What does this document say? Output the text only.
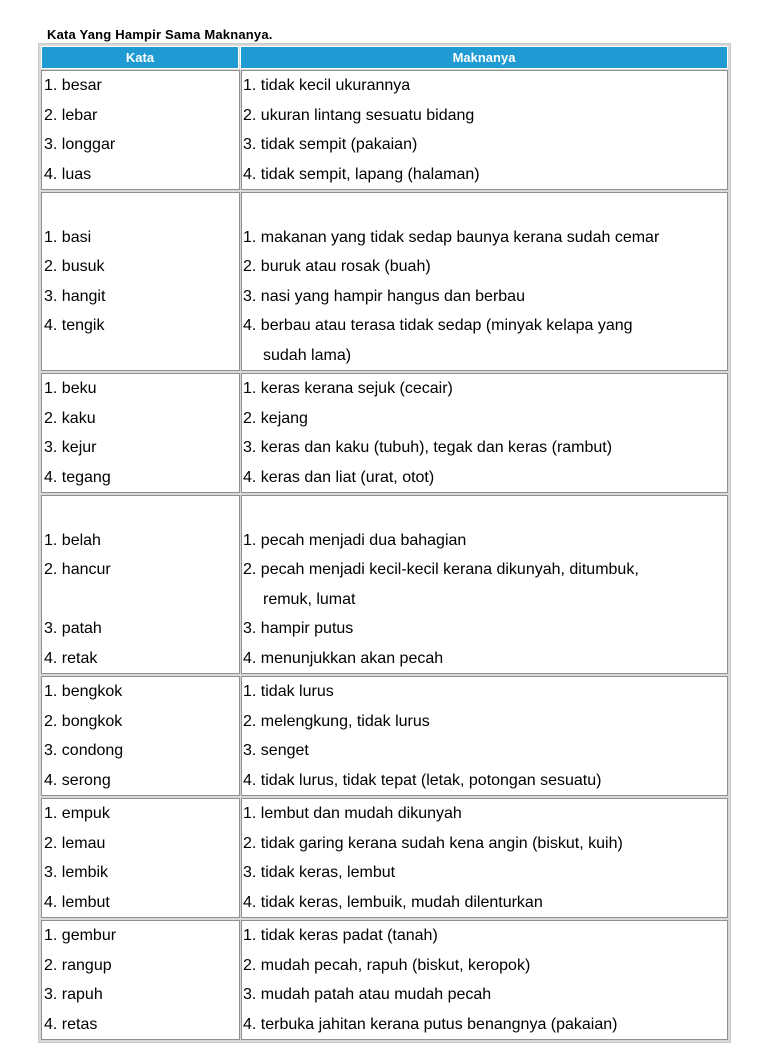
Kata Yang Hampir Sama Maknanya.
Kata	Maknanya
1. besar
2. lebar
3. longgar
4. luas
1. tidak kecil ukurannya
2. ukuran lintang sesuatu bidang
3. tidak sempit (pakaian)
4. tidak sempit, lapang (halaman)
1. basi
2. busuk
3. hangit
4. tengik
1. makanan yang tidak sedap baunya kerana sudah cemar
2. buruk atau rosak (buah)
3. nasi yang hampir hangus dan berbau
4. berbau atau terasa tidak sedap (minyak kelapa yang
sudah lama)
1. beku
2. kaku
3. kejur
4. tegang
1. keras kerana sejuk (cecair)
2. kejang
3. keras dan kaku (tubuh), tegak dan keras (rambut)
4. keras dan liat (urat, otot)
1. belah
2. hancur
3. patah
4. retak
1. pecah menjadi dua bahagian
2. pecah menjadi kecil-kecil kerana dikunyah, ditumbuk,
remuk, lumat
3. hampir putus
4. menunjukkan akan pecah
1. bengkok
2. bongkok
3. condong
4. serong
1. tidak lurus
2. melengkung, tidak lurus
3. senget
4. tidak lurus, tidak tepat (letak, potongan sesuatu)
1. empuk
2. lemau
3. lembik
4. lembut
1. lembut dan mudah dikunyah
2. tidak garing kerana sudah kena angin (biskut, kuih)
3. tidak keras, lembut
4. tidak keras, lembuik, mudah dilenturkan
1. gembur
2. rangup
3. rapuh
4. retas
1. tidak keras padat (tanah)
2. mudah pecah, rapuh (biskut, keropok)
3. mudah patah atau mudah pecah
4. terbuka jahitan kerana putus benangnya (pakaian)
